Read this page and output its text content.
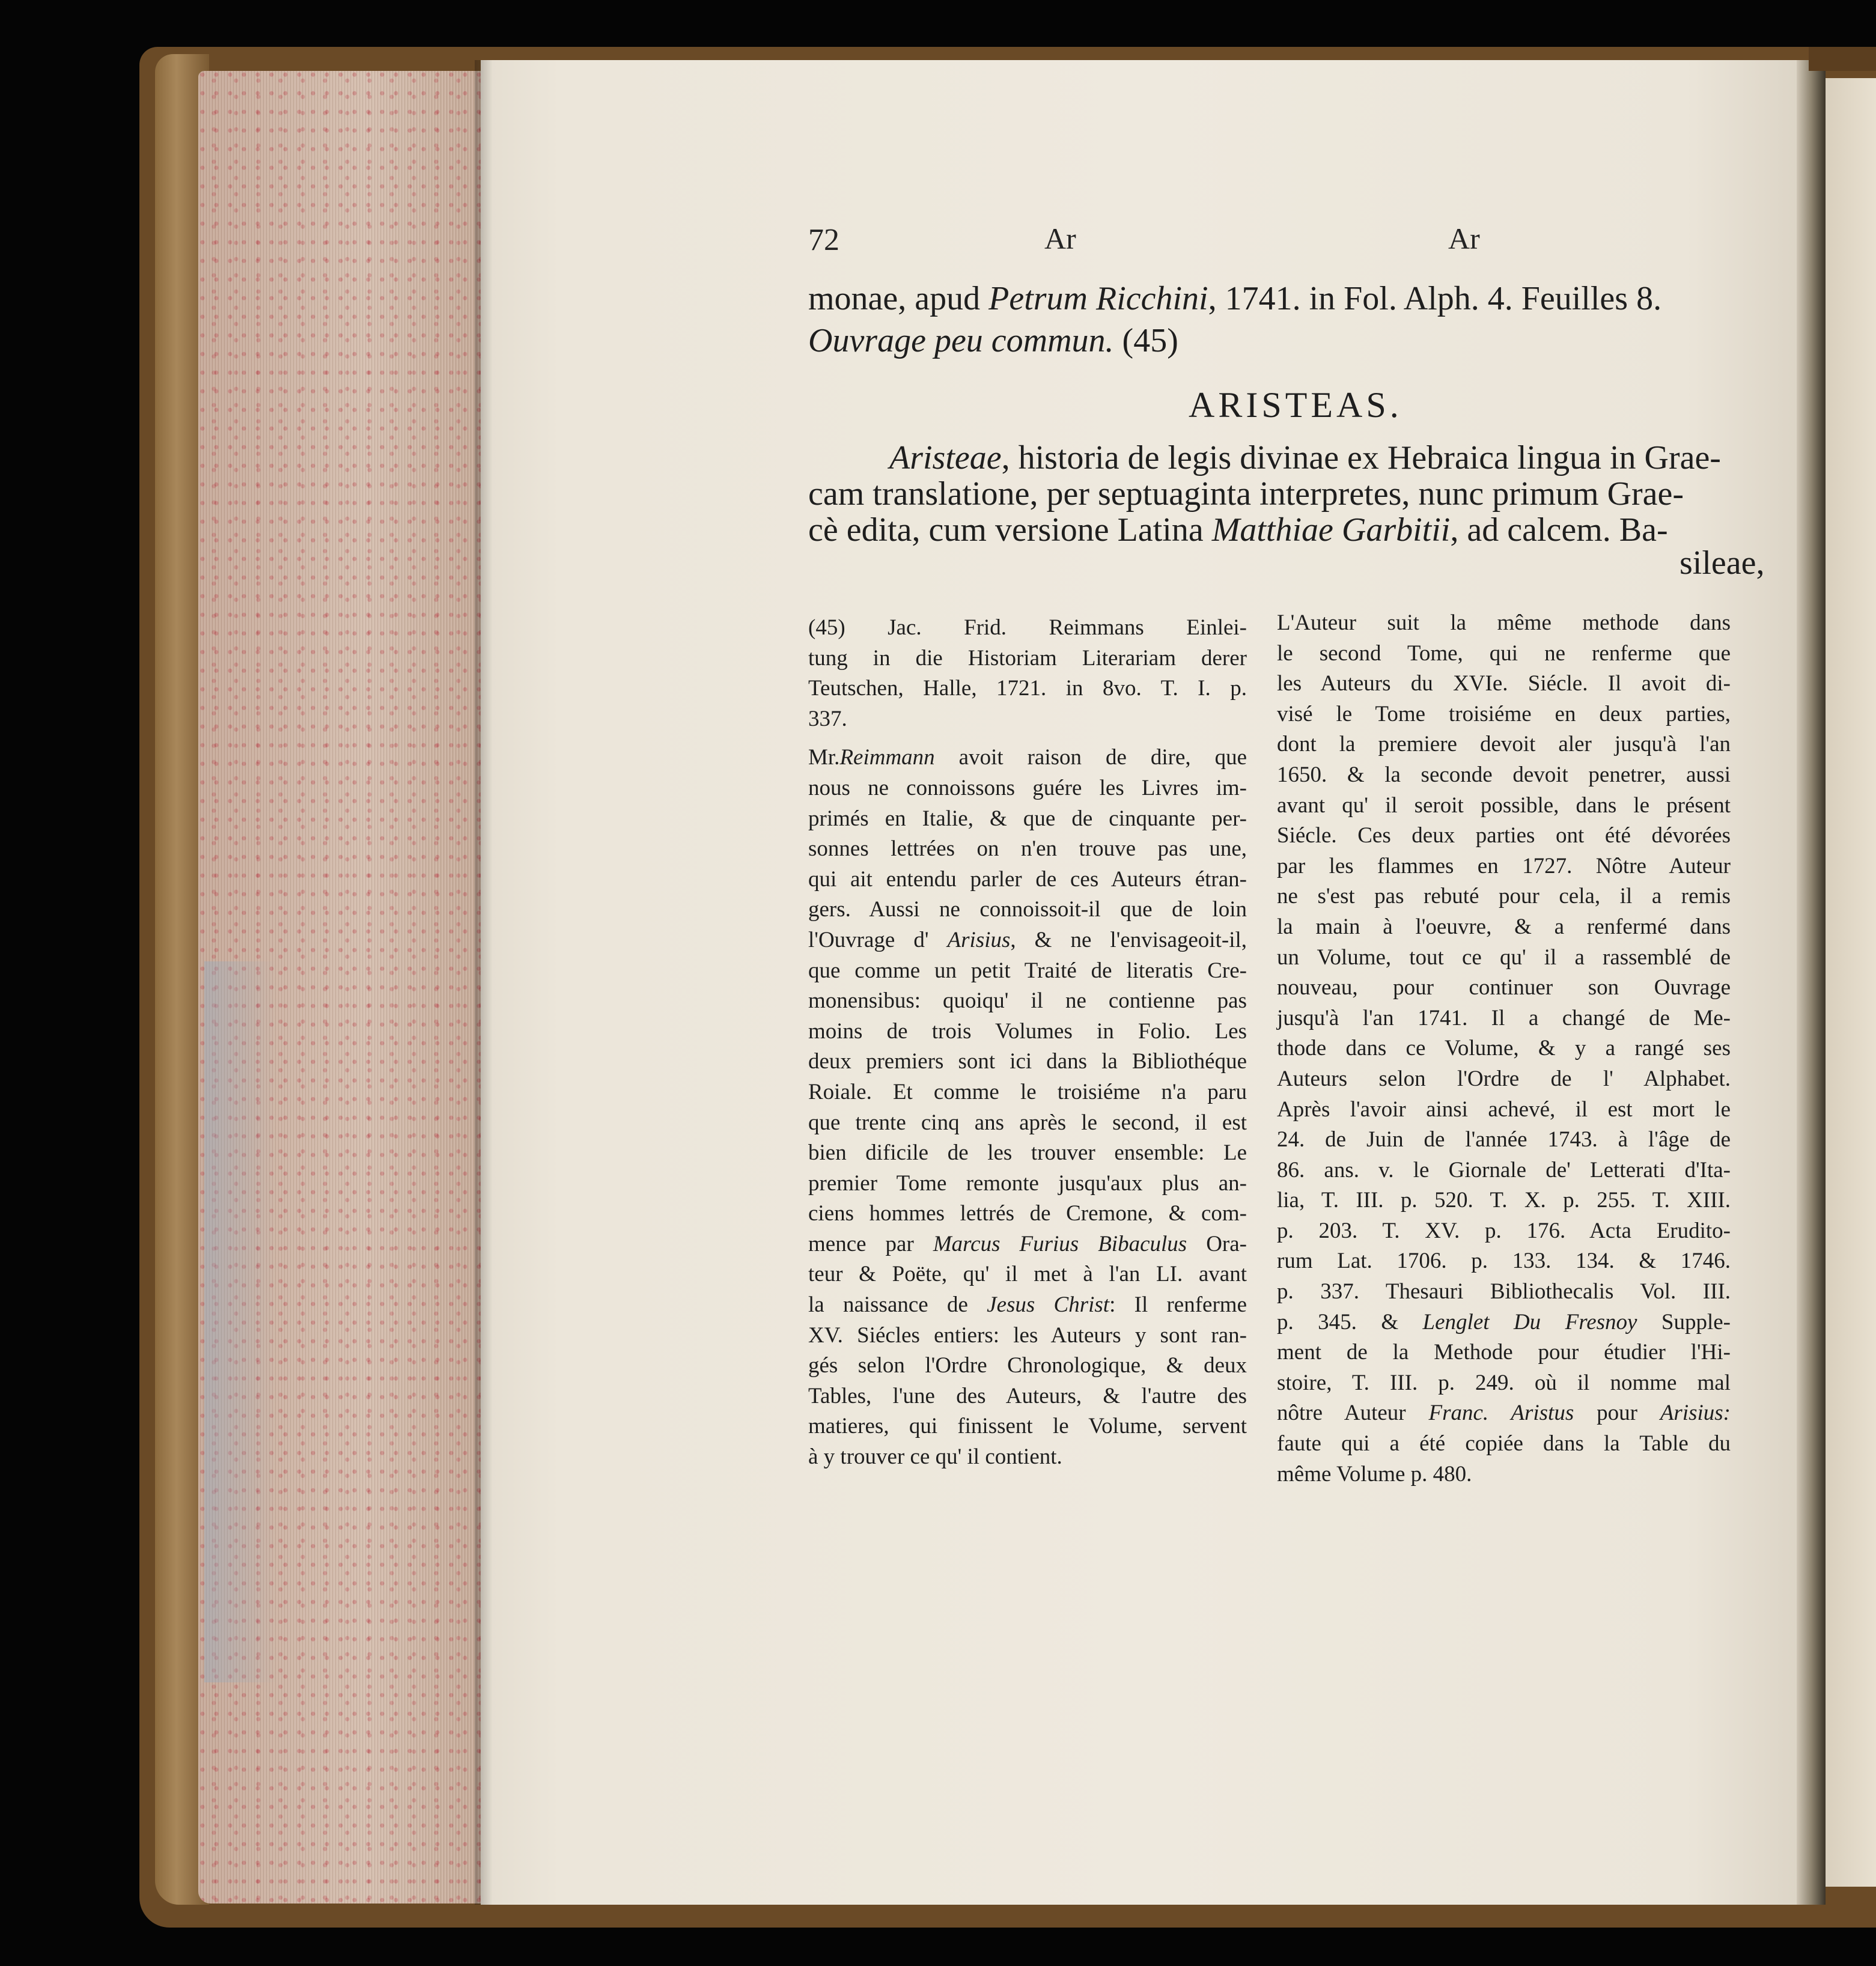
72	Ar	Ar
monae, apud Petrum Ricchini, 1741. in Fol. Alph. 4. Feuilles 8.
Ouvrage peu commun. (45)
ARISTEAS.
Aristeae, historia de legis divinae ex Hebraica lingua in Grae-
cam translatione, per septuaginta interpretes, nunc primum Grae-
cè edita, cum versione Latina Matthiae Garbitii, ad calcem. Ba-
sileae,
(45) Jac. Frid. Reimmans Einlei-
tung in die Historiam Literariam derer
Teutschen, Halle, 1721. in 8vo. T. I. p.
337.
Mr.Reimmann avoit raison de dire, que
nous ne connoissons guére les Livres im-
primés en Italie, & que de cinquante per-
sonnes lettrées on n'en trouve pas une,
qui ait entendu parler de ces Auteurs étran-
gers. Aussi ne connoissoit-il que de loin
l'Ouvrage d' Arisius, & ne l'envisageoit-il,
que comme un petit Traité de literatis Cre-
monensibus: quoiqu' il ne contienne pas
moins de trois Volumes in Folio. Les
deux premiers sont ici dans la Bibliothéque
Roiale. Et comme le troisiéme n'a paru
que trente cinq ans après le second, il est
bien dificile de les trouver ensemble: Le
premier Tome remonte jusqu'aux plus an-
ciens hommes lettrés de Cremone, & com-
mence par Marcus Furius Bibaculus Ora-
teur & Poëte, qu' il met à l'an LI. avant
la naissance de Jesus Christ: Il renferme
XV. Siécles entiers: les Auteurs y sont ran-
gés selon l'Ordre Chronologique, & deux
Tables, l'une des Auteurs, & l'autre des
matieres, qui finissent le Volume, servent
à y trouver ce qu' il contient.
L'Auteur suit la même methode dans
le second Tome, qui ne renferme que
les Auteurs du XVIe. Siécle. Il avoit di-
visé le Tome troisiéme en deux parties,
dont la premiere devoit aler jusqu'à l'an
1650. & la seconde devoit penetrer, aussi
avant qu' il seroit possible, dans le présent
Siécle. Ces deux parties ont été dévorées
par les flammes en 1727. Nôtre Auteur
ne s'est pas rebuté pour cela, il a remis
la main à l'oeuvre, & a renfermé dans
un Volume, tout ce qu' il a rassemblé de
nouveau, pour continuer son Ouvrage
jusqu'à l'an 1741. Il a changé de Me-
thode dans ce Volume, & y a rangé ses
Auteurs selon l'Ordre de l' Alphabet.
Après l'avoir ainsi achevé, il est mort le
24. de Juin de l'année 1743. à l'âge de
86. ans. v. le Giornale de' Letterati d'Ita-
lia, T. III. p. 520. T. X. p. 255. T. XIII.
p. 203. T. XV. p. 176. Acta Erudito-
rum Lat. 1706. p. 133. 134. & 1746.
p. 337. Thesauri Bibliothecalis Vol. III.
p. 345. & Lenglet Du Fresnoy Supple-
ment de la Methode pour étudier l'Hi-
stoire, T. III. p. 249. où il nomme mal
nôtre Auteur Franc. Aristus pour Arisius:
faute qui a été copiée dans la Table du
même Volume p. 480.
